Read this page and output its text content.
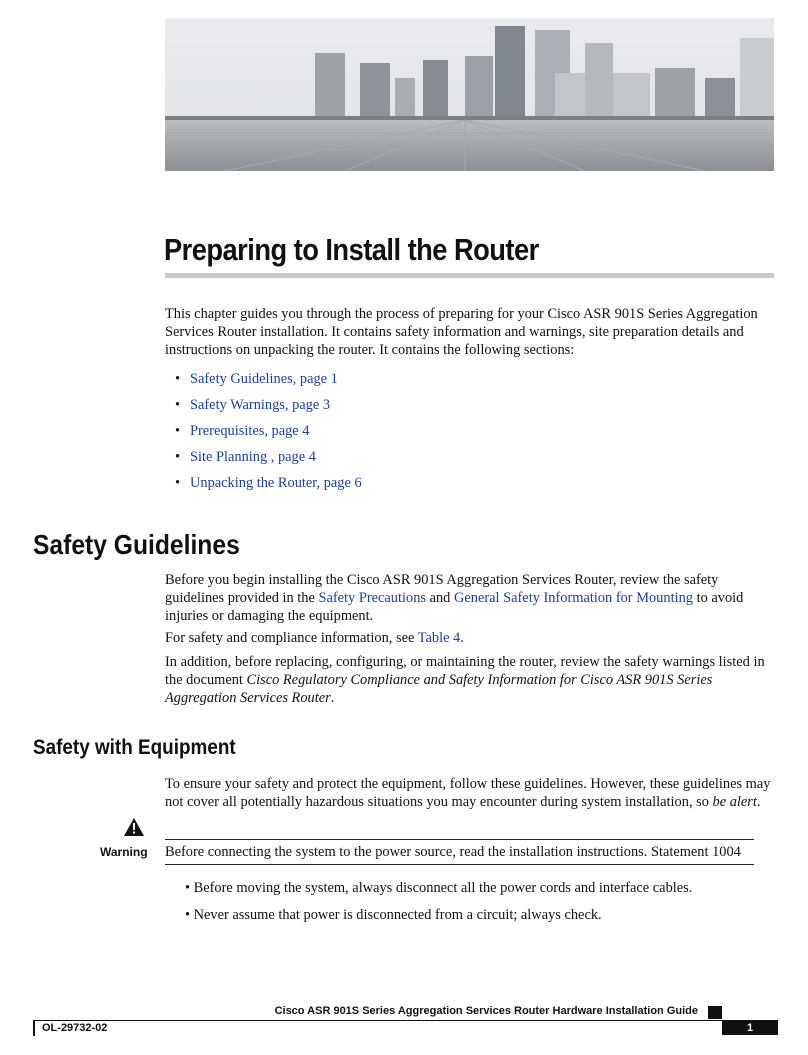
Preparing to Install the Router

This chapter guides you through the process of preparing for your Cisco ASR 901S Series Aggregation Services Router installation. It contains safety information and warnings, site preparation details and instructions on unpacking the router. It contains the following sections:

• Safety Guidelines, page 1
• Safety Warnings, page 3
• Prerequisites, page 4
• Site Planning , page 4
• Unpacking the Router, page 6
Safety Guidelines

Before you begin installing the Cisco ASR 901S Aggregation Services Router, review the safety guidelines provided in the Safety Precautions and General Safety Information for Mounting to avoid injuries or damaging the equipment.

For safety and compliance information, see Table 4.

In addition, before replacing, configuring, or maintaining the router, review the safety warnings listed in the document Cisco Regulatory Compliance and Safety Information for Cisco ASR 901S Series Aggregation Services Router.

Safety with Equipment

To ensure your safety and protect the equipment, follow these guidelines. However, these guidelines may not cover all potentially hazardous situations you may encounter during system installation, so be alert.

Warning Before connecting the system to the power source, read the installation instructions. Statement 1004
• Before moving the system, always disconnect all the power cords and interface cables.
• Never assume that power is disconnected from a circuit; always check.
Cisco ASR 901S Series Aggregation Services Router Hardware Installation Guide
OL-29732-02	1
